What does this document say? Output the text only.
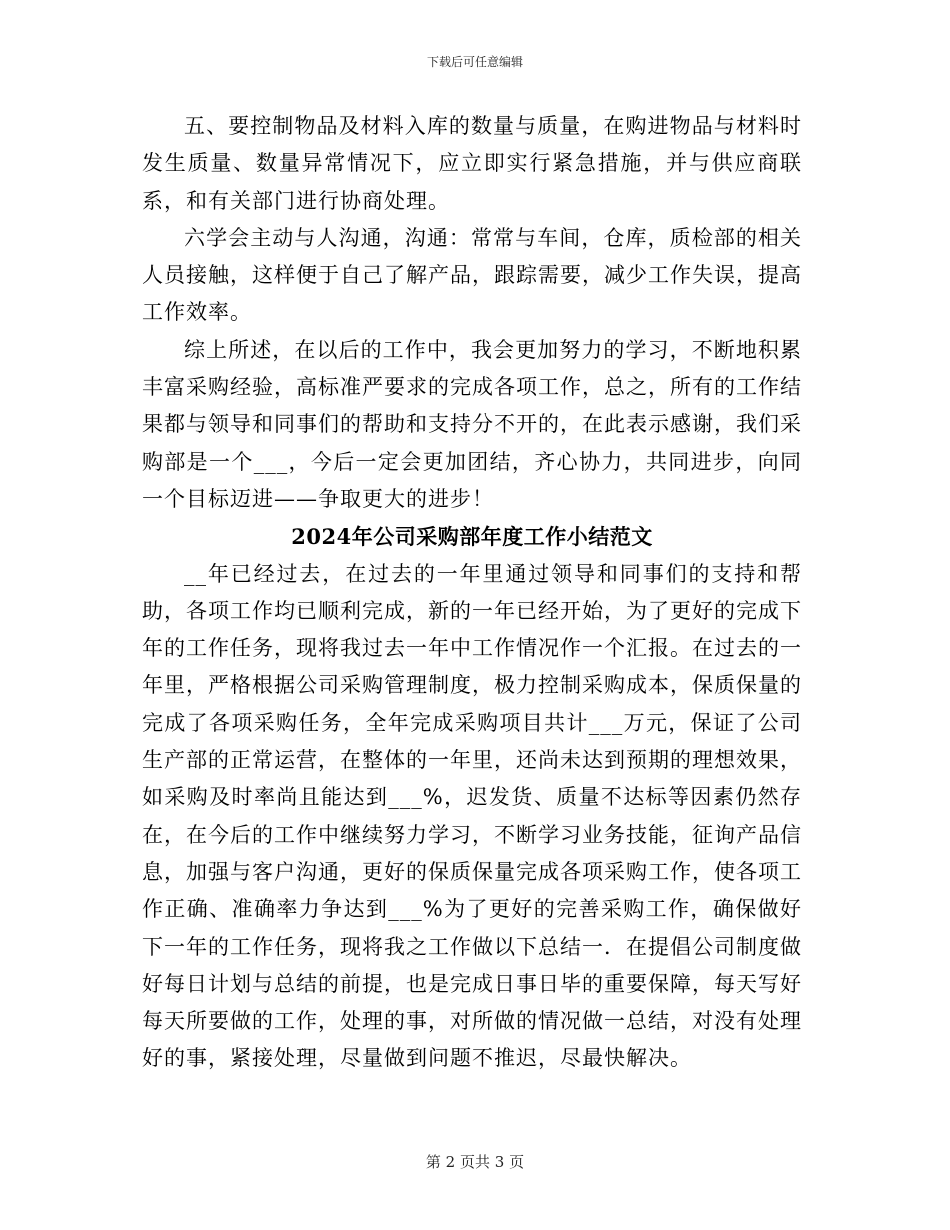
下载后可任意编辑

五、要控制物品及材料入库的数量与质量，在购进物品与材料时发生质量、数量异常情况下，应立即实行紧急措施，并与供应商联系，和有关部门进行协商处理。

六学会主动与人沟通，沟通：常常与车间，仓库，质检部的相关人员接触，这样便于自己了解产品，跟踪需要，减少工作失误，提高工作效率。

综上所述，在以后的工作中，我会更加努力的学习，不断地积累丰富采购经验，高标准严要求的完成各项工作，总之，所有的工作结果都与领导和同事们的帮助和支持分不开的，在此表示感谢，我们采购部是一个___，今后一定会更加团结，齐心协力，共同进步，向同一个目标迈进——争取更大的进步！

2024年公司采购部年度工作小结范文

__年已经过去，在过去的一年里通过领导和同事们的支持和帮助，各项工作均已顺利完成，新的一年已经开始，为了更好的完成下年的工作任务，现将我过去一年中工作情况作一个汇报。在过去的一年里，严格根据公司采购管理制度，极力控制采购成本，保质保量的完成了各项采购任务，全年完成采购项目共计___万元，保证了公司生产部的正常运营，在整体的一年里，还尚未达到预期的理想效果，如采购及时率尚且能达到___%，迟发货、质量不达标等因素仍然存在，在今后的工作中继续努力学习，不断学习业务技能，征询产品信息，加强与客户沟通，更好的保质保量完成各项采购工作，使各项工作正确、准确率力争达到___%为了更好的完善采购工作，确保做好下一年的工作任务，现将我之工作做以下总结一．在提倡公司制度做好每日计划与总结的前提，也是完成日事日毕的重要保障，每天写好每天所要做的工作，处理的事，对所做的情况做一总结，对没有处理好的事，紧接处理，尽量做到问题不推迟，尽最快解决。

第 2 页共 3 页
